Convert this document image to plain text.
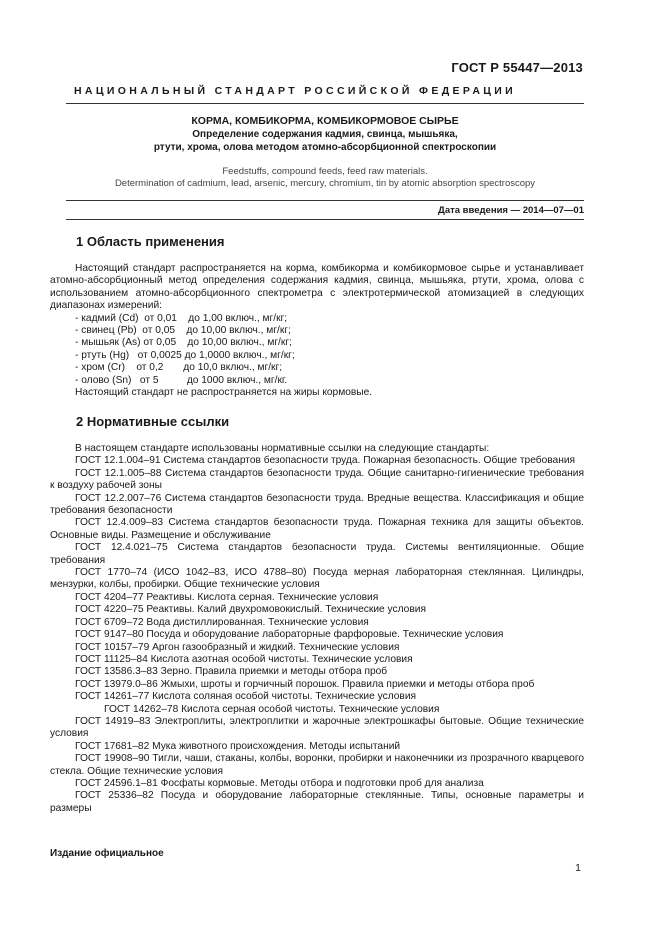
ГОСТ Р 55447—2013
НАЦИОНАЛЬНЫЙ СТАНДАРТ РОССИЙСКОЙ ФЕДЕРАЦИИ
КОРМА, КОМБИКОРМА, КОМБИКОРМОВОЕ СЫРЬЕ
Определение содержания кадмия, свинца, мышьяка,
ртути, хрома, олова методом атомно-абсорбционной спектроскопии
Feedstuffs, compound feeds, feed raw materials.
Determination of cadmium, lead, arsenic, mercury, chromium, tin by atomic absorption spectroscopy
Дата введения — 2014—07—01
1 Область применения

Настоящий стандарт распространяется на корма, комбикорма и комбикормовое сырье и устанавливает атомно-абсорбционный метод определения содержания кадмия, свинца, мышьяка, ртути, хрома, олова с использованием атомно-абсорбционного спектрометра с электротермической атомизацией в следующих диапазонах измерений:

- кадмий (Cd)  от 0,01    до 1,00 включ., мг/кг;
- свинец (Pb)  от 0,05    до 10,00 включ., мг/кг;
- мышьяк (As) от 0,05    до 10,00 включ., мг/кг;
- ртуть (Hg)   от 0,0025 до 1,0000 включ., мг/кг;
- хром (Cr)    от 0,2       до 10,0 включ., мг/кг;
- олово (Sn)   от 5          до 1000 включ., мг/кг.

Настоящий стандарт не распространяется на жиры кормовые.

2 Нормативные ссылки

В настоящем стандарте использованы нормативные ссылки на следующие стандарты:

ГОСТ 12.1.004–91 Система стандартов безопасности труда. Пожарная безопасность. Общие требования

ГОСТ 12.1.005–88 Система стандартов безопасности труда. Общие санитарно-гигиенические требования к воздуху рабочей зоны

ГОСТ 12.2.007–76 Система стандартов безопасности труда. Вредные вещества. Классификация и общие требования безопасности

ГОСТ 12.4.009–83 Система стандартов безопасности труда. Пожарная техника для защиты объектов. Основные виды. Размещение и обслуживание

ГОСТ 12.4.021–75 Система стандартов безопасности труда. Системы вентиляционные. Общие требования

ГОСТ 1770–74 (ИСО 1042–83, ИСО 4788–80) Посуда мерная лабораторная стеклянная. Цилиндры, мензурки, колбы, пробирки. Общие технические условия

ГОСТ 4204–77 Реактивы. Кислота серная. Технические условия

ГОСТ 4220–75 Реактивы. Калий двухромовокислый. Технические условия

ГОСТ 6709–72 Вода дистиллированная. Технические условия

ГОСТ 9147–80 Посуда и оборудование лабораторные фарфоровые. Технические условия

ГОСТ 10157–79 Аргон газообразный и жидкий. Технические условия

ГОСТ 11125–84 Кислота азотная особой чистоты. Технические условия

ГОСТ 13586.3–83 Зерно. Правила приемки и методы отбора проб

ГОСТ 13979.0–86 Жмыхи, шроты и горчичный порошок. Правила приемки и методы отбора проб

ГОСТ 14261–77 Кислота соляная особой чистоты. Технические условия

ГОСТ 14262–78 Кислота серная особой чистоты. Технические условия

ГОСТ 14919–83 Электроплиты, электроплитки и жарочные электрошкафы бытовые. Общие технические условия

ГОСТ 17681–82 Мука животного происхождения. Методы испытаний

ГОСТ 19908–90 Тигли, чаши, стаканы, колбы, воронки, пробирки и наконечники из прозрачного кварцевого стекла. Общие технические условия

ГОСТ 24596.1–81 Фосфаты кормовые. Методы отбора и подготовки проб для анализа

ГОСТ 25336–82 Посуда и оборудование лабораторные стеклянные. Типы, основные параметры и размеры

Издание официальное
1
